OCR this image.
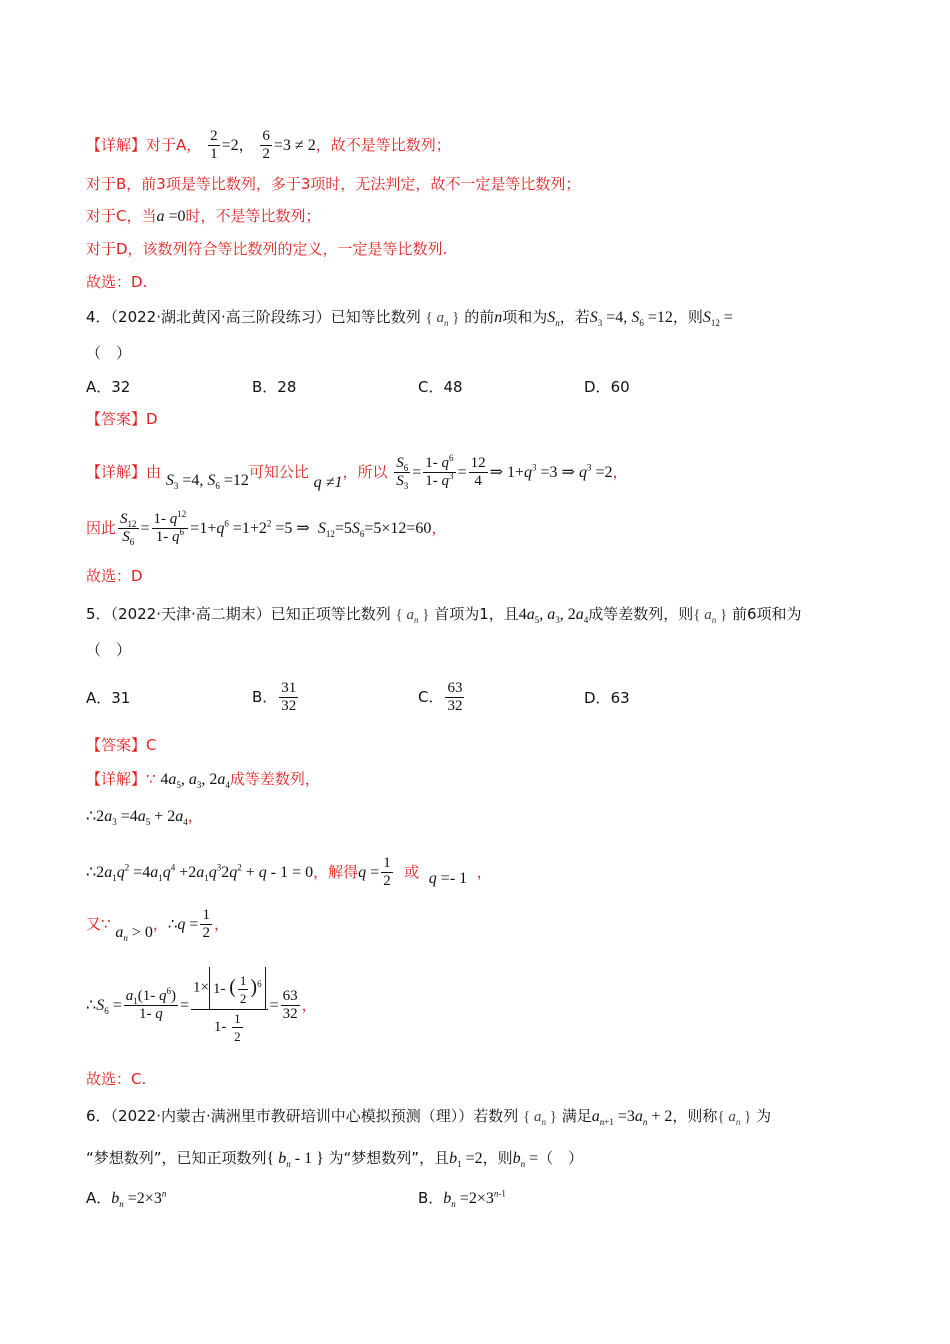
【详解】对于A， $\frac{2}{1} =2$， $\frac{6}{2} =3 \ne 2$，故不是等比数列；
对于B，前3项是等比数列，多于3项时，无法判定，故不一定是等比数列；
对于C，当a =0时，不是等比数列；
对于D，该数列符合等比数列的定义，一定是等比数列.
故选：D.
4．（2022·湖北黄冈·高三阶段练习）已知等比数列 { $a_n$ } 的前n项和为$S_n$，若$S_3 =4$, $S_6 =12$，则$S_{12}$ =
（　）
A．32	B．28	C．48	D．60
【答案】D
【详解】由 $S_3 =4$, $S_6 =12$可知公比 q ≠1，所以 $\frac{S_6}{S_3} = \frac{1- q^6}{1- q^3} = \frac{12}{4}$ ⇒ $1+q^3 =3$ ⇒ $q^3 =2$，
因此 $\frac{S_{12}}{S_6} = \frac{1- q^{12}}{1- q^6} =1+q^6 =1+2^2 =5$ ⇒  $S_{12}=5S_6=5\times 12=60$，
故选：D
5．（2022·天津·高二期末）已知正项等比数列 { $a_n$ } 首项为1，且$4a_5$, $a_3$, $2a_4$成等差数列，则{ $a_n$ } 前6项和为
（　）
A．31	B． $\frac{31}{32}$	C． $\frac{63}{32}$	D．63
【答案】C
【详解】∵ $4a_5$, $a_3$, $2a_4$成等差数列，
$\therefore 2a_3 =4a_5 + 2a_4$，
$\therefore 2a_1q^2 =4a_1q^4 +2a_1q^32q^2 + q - 1 = 0$，解得$q = \frac{1}{2}$ 或 q =- 1  ，
又∵ $a_n > 0$，∴q = $\frac{1}{2}$ ，
$\therefore S_6 = \frac{a_1(1- q^6)}{1- q} = \frac{1\times 1- ( \frac{1}{2} )^6}{1- \frac{1}{2}} = \frac{63}{32}$ ，
故选：C.
6．（2022·内蒙古·满洲里市教研培训中心模拟预测（理））若数列 { $a_n$ } 满足$a_{n+1} =3a_n + 2$，则称{ $a_n$ } 为
“梦想数列”，已知正项数列{ $b_n - 1$ } 为“梦想数列”，且$b_1 =2$，则$b_n$ =（　）
A．$b_n =2\times 3^n$	B．$b_n =2\times 3^{n-1}$
